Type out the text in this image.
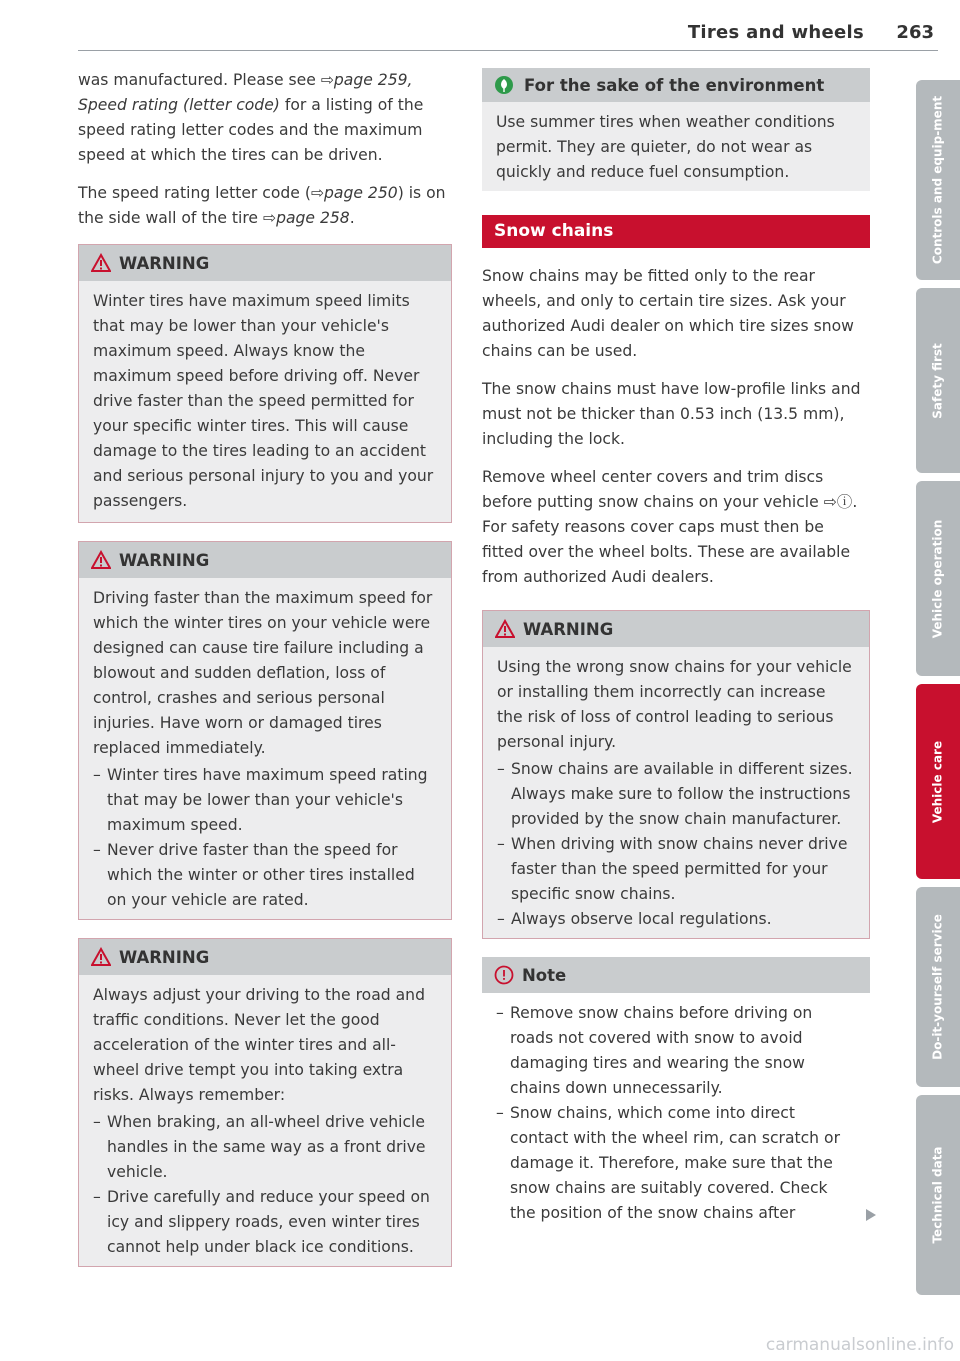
Tires and wheels 263

was manufactured. Please see ⇨page 259, Speed rating (letter code) for a listing of the speed rating letter codes and the maximum speed at which the tires can be driven.

The speed rating letter code (⇨page 250) is on the side wall of the tire ⇨page 258.

WARNING

Winter tires have maximum speed limits that may be lower than your vehicle's maximum speed. Always know the maximum speed before driving off. Never drive faster than the speed permitted for your specific winter tires. This will cause damage to the tires leading to an accident and serious personal injury to you and your passengers.

WARNING

Driving faster than the maximum speed for which the winter tires on your vehicle were designed can cause tire failure including a blowout and sudden deflation, loss of control, crashes and serious personal injuries. Have worn or damaged tires replaced immediately.

– Winter tires have maximum speed rating that may be lower than your vehicle's maximum speed.
– Never drive faster than the speed for which the winter or other tires installed on your vehicle are rated.
WARNING

Always adjust your driving to the road and traffic conditions. Never let the good acceleration of the winter tires and all-wheel drive tempt you into taking extra risks. Always remember:

– When braking, an all-wheel drive vehicle handles in the same way as a front drive vehicle.
– Drive carefully and reduce your speed on icy and slippery roads, even winter tires cannot help under black ice conditions.
For the sake of the environment

Use summer tires when weather conditions permit. They are quieter, do not wear as quickly and reduce fuel consumption.

Snow chains

Snow chains may be fitted only to the rear wheels, and only to certain tire sizes. Ask your authorized Audi dealer on which tire sizes snow chains can be used.

The snow chains must have low-profile links and must not be thicker than 0.53 inch (13.5 mm), including the lock.

Remove wheel center covers and trim discs before putting snow chains on your vehicle ⇨ⓘ. For safety reasons cover caps must then be fitted over the wheel bolts. These are available from authorized Audi dealers.

WARNING

Using the wrong snow chains for your vehicle or installing them incorrectly can increase the risk of loss of control leading to serious personal injury.

– Snow chains are available in different sizes. Always make sure to follow the instructions provided by the snow chain manufacturer.
– When driving with snow chains never drive faster than the speed permitted for your specific snow chains.
– Always observe local regulations.
Note
– Remove snow chains before driving on roads not covered with snow to avoid damaging tires and wearing the snow chains down unnecessarily.
– Snow chains, which come into direct contact with the wheel rim, can scratch or damage it. Therefore, make sure that the snow chains are suitably covered. Check the position of the snow chains after
Controls and equip-ment
Safety first
Vehicle operation
Vehicle care
Do-it-yourself service
Technical data
carmanualsonline.info
